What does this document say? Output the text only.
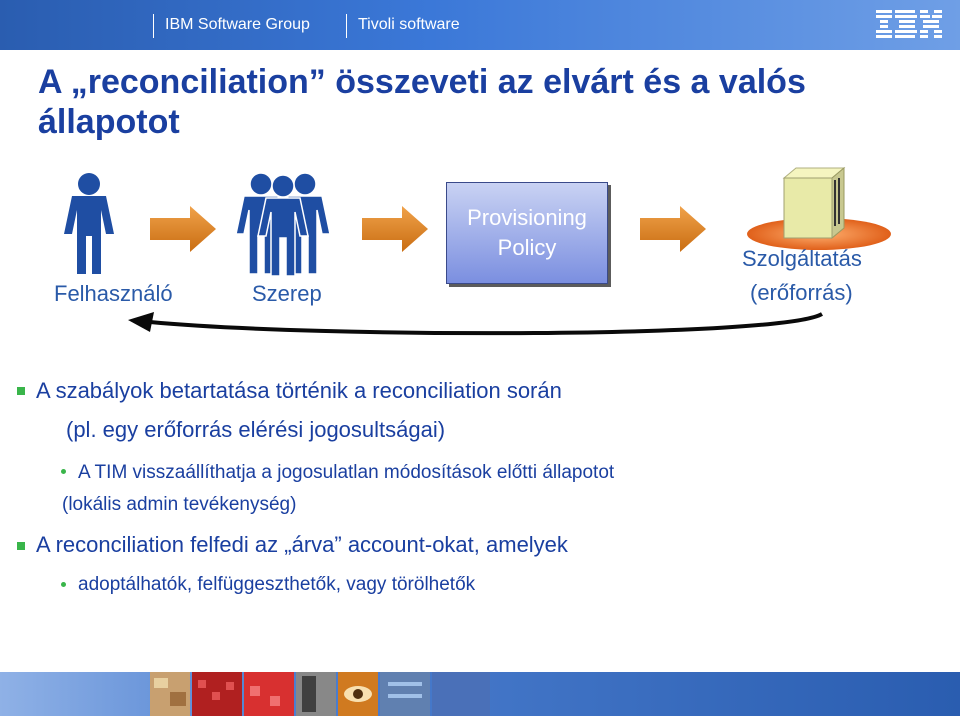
IBM Software Group	Tivoli software
A „reconciliation” összeveti az elvárt és a valós
állapotot
Provisioning
Policy
Felhasználó	Szerep
Szolgáltatás
(erőforrás)
A szabályok betartatása történik a reconciliation során
(pl. egy erőforrás elérési jogosultságai)
A TIM visszaállíthatja a jogosulatlan módosítások előtti állapotot
(lokális admin tevékenység)
A reconciliation felfedi az „árva” account-okat, amelyek
adoptálhatók, felfüggeszthetők, vagy törölhetők
